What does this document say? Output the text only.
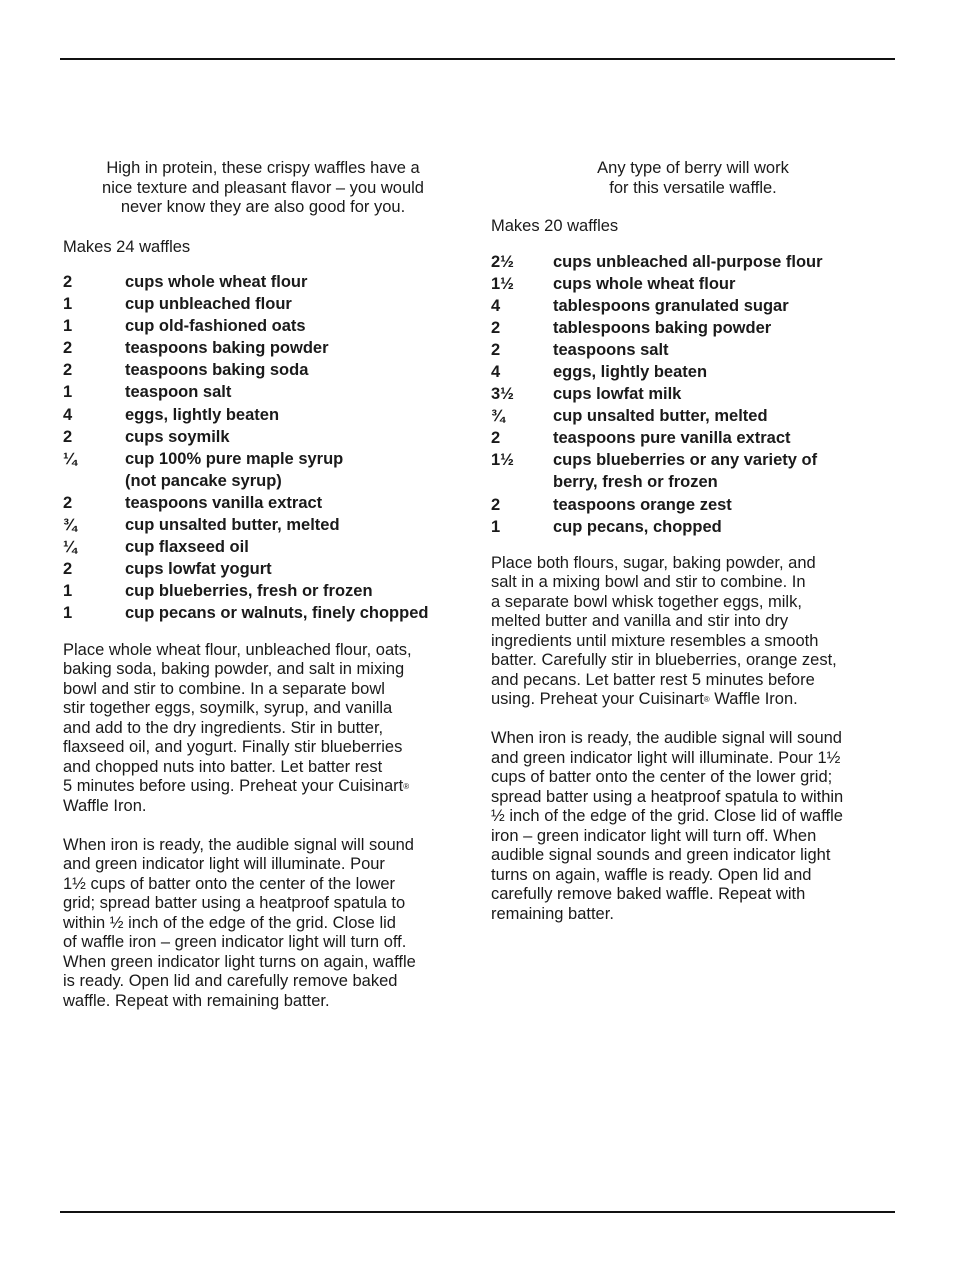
High in protein, these crispy waffles have a
nice texture and pleasant flavor – you would
never know they are also good for you.

Makes 24 waffles

2	cups whole wheat flour
1	cup unbleached flour
1	cup old-fashioned oats
2	teaspoons baking powder
2	teaspoons baking soda
1	teaspoon salt
4	eggs, lightly beaten
2	cups soymilk
¼	cup 100% pure maple syrup
(not pancake syrup)
2	teaspoons vanilla extract
¾	cup unsalted butter, melted
¼	cup flaxseed oil
2	cups lowfat yogurt
1	cup blueberries, fresh or frozen
1	cup pecans or walnuts, finely chopped

Place whole wheat flour, unbleached flour, oats,
baking soda, baking powder, and salt in mixing
bowl and stir to combine. In a separate bowl
stir together eggs, soymilk, syrup, and vanilla
and add to the dry ingredients. Stir in butter,
flaxseed oil, and yogurt. Finally stir blueberries
and chopped nuts into batter. Let batter rest
5 minutes before using. Preheat your Cuisinart®
Waffle Iron.

When iron is ready, the audible signal will sound
and green indicator light will illuminate. Pour
1½ cups of batter onto the center of the lower
grid; spread batter using a heatproof spatula to
within ½ inch of the edge of the grid. Close lid
of waffle iron – green indicator light will turn off.
When green indicator light turns on again, waffle
is ready. Open lid and carefully remove baked
waffle. Repeat with remaining batter.

Any type of berry will work
for this versatile waffle.

Makes 20 waffles

2½	cups unbleached all-purpose flour
1½	cups whole wheat flour
4	tablespoons granulated sugar
2	tablespoons baking powder
2	teaspoons salt
4	eggs, lightly beaten
3½	cups lowfat milk
¾	cup unsalted butter, melted
2	teaspoons pure vanilla extract
1½	cups blueberries or any variety of
berry, fresh or frozen
2	teaspoons orange zest
1	cup pecans, chopped

Place both flours, sugar, baking powder, and
salt in a mixing bowl and stir to combine. In
a separate bowl whisk together eggs, milk,
melted butter and vanilla and stir into dry
ingredients until mixture resembles a smooth
batter. Carefully stir in blueberries, orange zest,
and pecans. Let batter rest 5 minutes before
using. Preheat your Cuisinart® Waffle Iron.

When iron is ready, the audible signal will sound
and green indicator light will illuminate. Pour 1½
cups of batter onto the center of the lower grid;
spread batter using a heatproof spatula to within
½ inch of the edge of the grid. Close lid of waffle
iron – green indicator light will turn off. When
audible signal sounds and green indicator light
turns on again, waffle is ready. Open lid and
carefully remove baked waffle. Repeat with
remaining batter.
